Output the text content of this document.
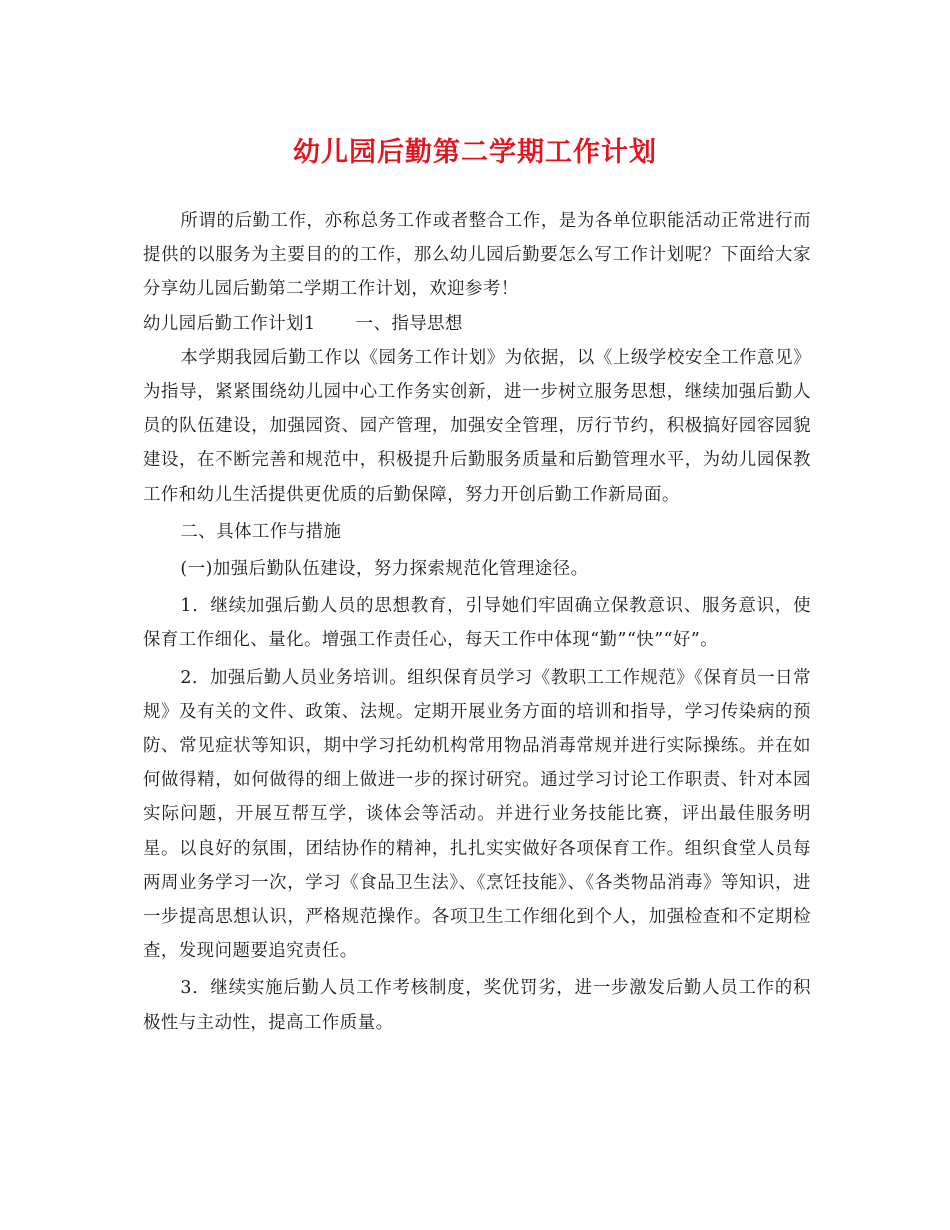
幼儿园后勤第二学期工作计划

所谓的后勤工作，亦称总务工作或者整合工作，是为各单位职能活动正常进行而提供的以服务为主要目的的工作，那么幼儿园后勤要怎么写工作计划呢？下面给大家分享幼儿园后勤第二学期工作计划，欢迎参考！

幼儿园后勤工作计划1 一、指导思想

本学期我园后勤工作以《园务工作计划》为依据，以《上级学校安全工作意见》为指导，紧紧围绕幼儿园中心工作务实创新，进一步树立服务思想，继续加强后勤人员的队伍建设，加强园资、园产管理，加强安全管理，厉行节约，积极搞好园容园貌建设，在不断完善和规范中，积极提升后勤服务质量和后勤管理水平，为幼儿园保教工作和幼儿生活提供更优质的后勤保障，努力开创后勤工作新局面。

二、具体工作与措施

(一)加强后勤队伍建设，努力探索规范化管理途径。

1．继续加强后勤人员的思想教育，引导她们牢固确立保教意识、服务意识，使保育工作细化、量化。增强工作责任心，每天工作中体现“勤”“快”“好”。

2．加强后勤人员业务培训。组织保育员学习《教职工工作规范》《保育员一日常规》及有关的文件、政策、法规。定期开展业务方面的培训和指导，学习传染病的预防、常见症状等知识，期中学习托幼机构常用物品消毒常规并进行实际操练。并在如何做得精，如何做得的细上做进一步的探讨研究。通过学习讨论工作职责、针对本园实际问题，开展互帮互学，谈体会等活动。并进行业务技能比赛，评出最佳服务明星。以良好的氛围，团结协作的精神，扎扎实实做好各项保育工作。组织食堂人员每两周业务学习一次，学习《食品卫生法》、《烹饪技能》、《各类物品消毒》等知识，进一步提高思想认识，严格规范操作。各项卫生工作细化到个人，加强检查和不定期检查，发现问题要追究责任。

3．继续实施后勤人员工作考核制度，奖优罚劣，进一步激发后勤人员工作的积极性与主动性，提高工作质量。
